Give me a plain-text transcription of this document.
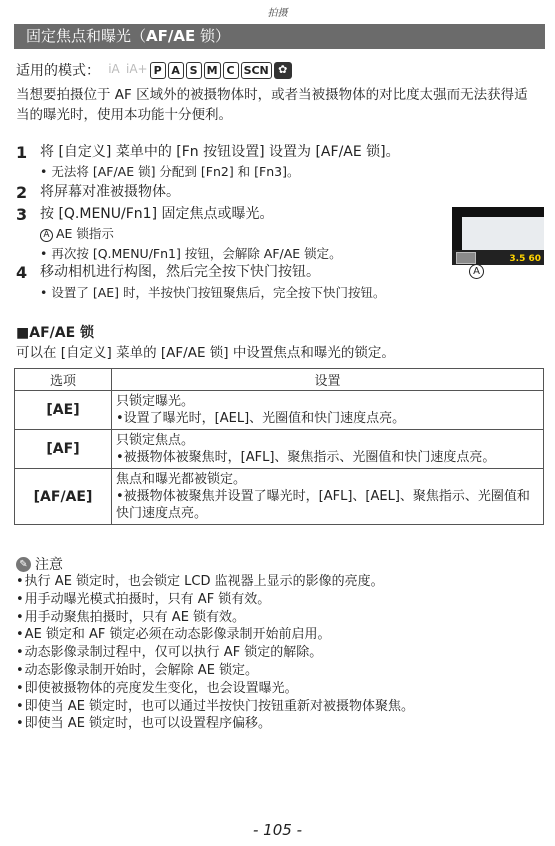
拍摄
固定焦点和曝光（AF/AE 锁）
适用的模式： iA iA+ P A S M C SCN ✿

当想要拍摄位于 AF 区域外的被摄物体时，或者当被摄物体的对比度太强而无法获得适当的曝光时，使用本功能十分便利。

1 将 [自定义] 菜单中的 [Fn 按钮设置] 设置为 [AF/AE 锁]。
• 无法将 [AF/AE 锁] 分配到 [Fn2] 和 [Fn3]。
2 将屏幕对准被摄物体。
3 按 [Q.MENU/Fn1] 固定焦点或曝光。
A AE 锁指示
• 再次按 [Q.MENU/Fn1] 按钮，会解除 AF/AE 锁定。
4 移动相机进行构图，然后完全按下快门按钮。
• 设置了 [AE] 时，半按快门按钮聚焦后，完全按下快门按钮。
3.5 60
A
■AF/AE 锁
可以在 [自定义] 菜单的 [AF/AE 锁] 中设置焦点和曝光的锁定。
选项	设置
[AE]	只锁定曝光。
•设置了曝光时，[AEL]、光圈值和快门速度点亮。

[AF]	只锁定焦点。
•被摄物体被聚焦时，[AFL]、聚焦指示、光圈值和快门速度点亮。

[AF/AE]	焦点和曝光都被锁定。
•被摄物体被聚焦并设置了曝光时，[AFL]、[AEL]、聚焦指示、光圈值和快门速度点亮。
✎ 注意
• 执行 AE 锁定时，也会锁定 LCD 监视器上显示的影像的亮度。
• 用手动曝光模式拍摄时，只有 AF 锁有效。
• 用手动聚焦拍摄时，只有 AE 锁有效。
• AE 锁定和 AF 锁定必须在动态影像录制开始前启用。
• 动态影像录制过程中，仅可以执行 AF 锁定的解除。
• 动态影像录制开始时，会解除 AE 锁定。
• 即使被摄物体的亮度发生变化，也会设置曝光。
• 即使当 AE 锁定时，也可以通过半按快门按钮重新对被摄物体聚焦。
• 即使当 AE 锁定时，也可以设置程序偏移。
- 105 -
